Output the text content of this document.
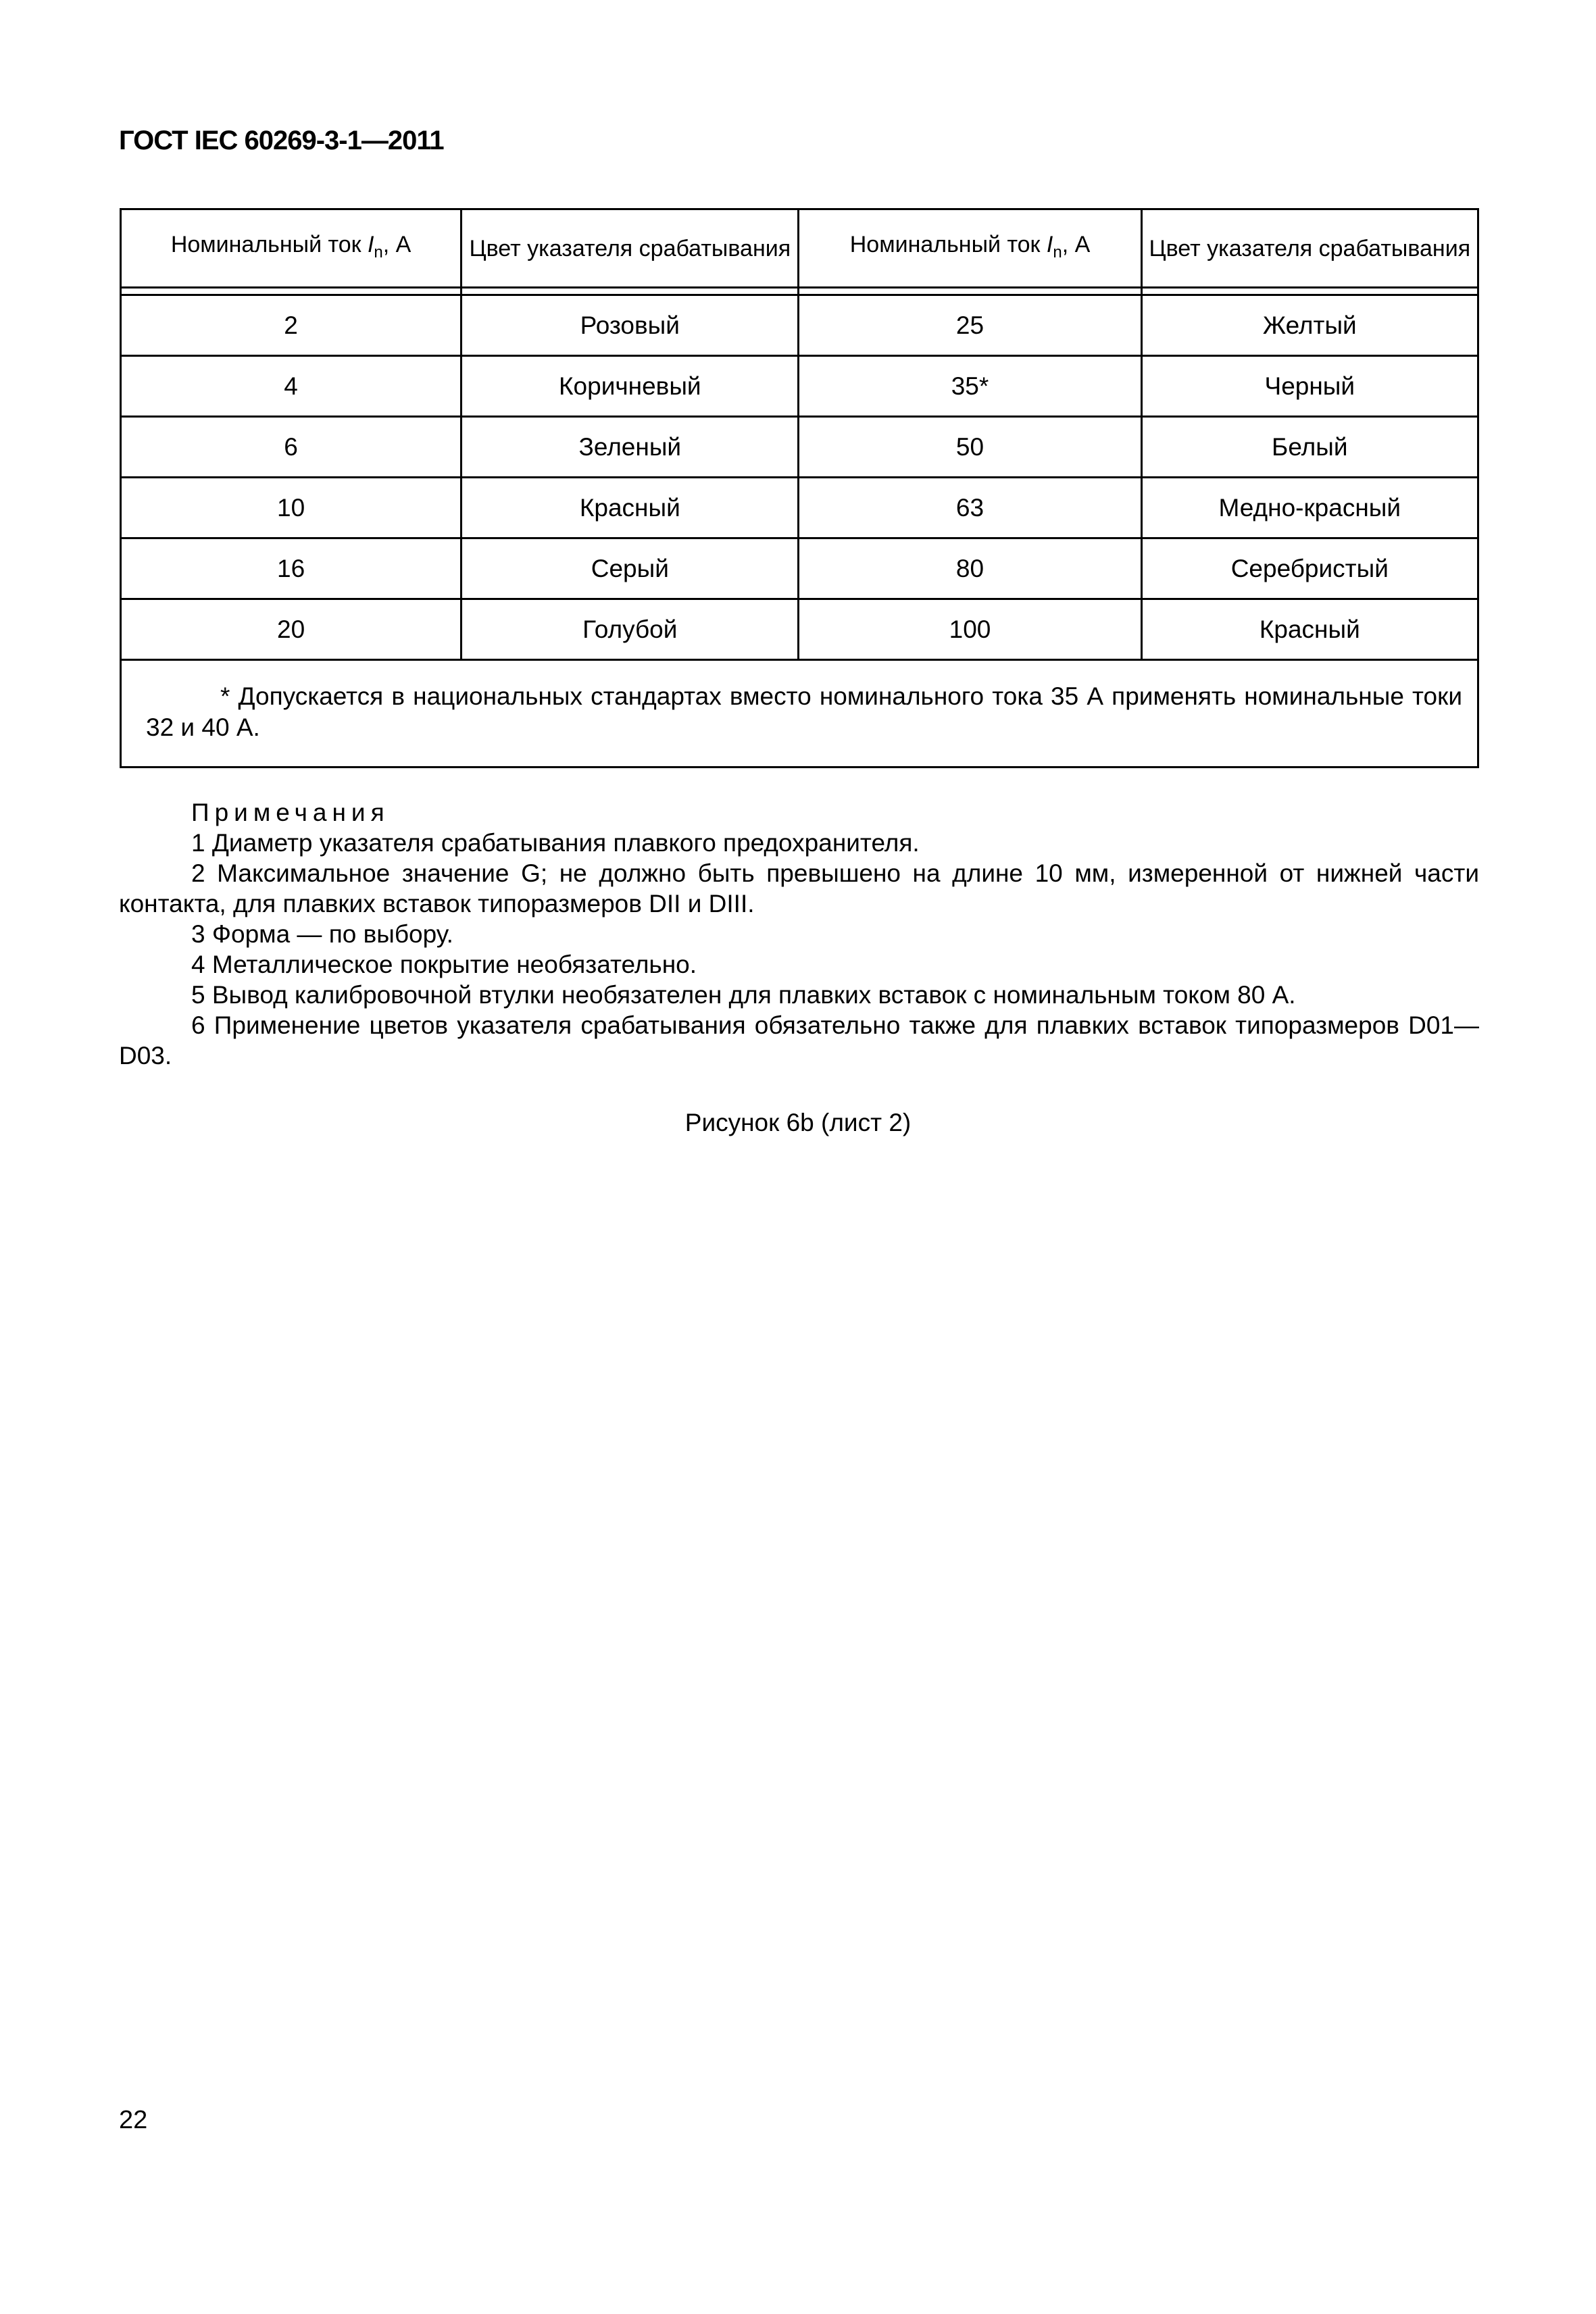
ГОСТ IEC 60269-3-1—2011
Номинальный ток $I_n$, А	Цвет указателя срабатывания	Номинальный ток $I_n$, А	Цвет указателя срабатывания

2	Розовый	25	Желтый
4	Коричневый	35*	Черный
6	Зеленый	50	Белый
10	Красный	63	Медно-красный
16	Серый	80	Серебристый
20	Голубой	100	Красный

* Допускается в национальных стандартах вместо номинального тока 35 А применять номинальные токи 32 и 40 А.			

Примечания

1 Диаметр указателя срабатывания плавкого предохранителя.

2 Максимальное значение G; не должно быть превышено на длине 10 мм, измеренной от нижней части контакта, для плавких вставок типоразмеров DII и DIII.

3 Форма — по выбору.

4 Металлическое покрытие необязательно.

5 Вывод калибровочной втулки необязателен для плавких вставок с номинальным током 80 А.

6 Применение цветов указателя срабатывания обязательно также для плавких вставок типоразмеров D01—D03.

Рисунок 6b (лист 2)
22
